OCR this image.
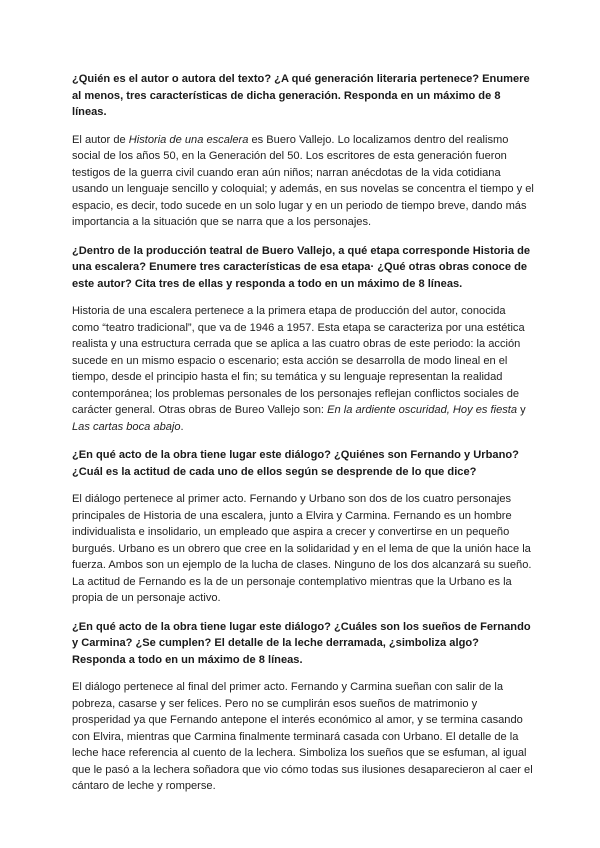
¿Quién es el autor o autora del texto? ¿A qué generación literaria pertenece? Enumere al menos, tres características de dicha generación. Responda en un máximo de 8 líneas.

El autor de Historia de una escalera es Buero Vallejo. Lo localizamos dentro del realismo social de los años 50, en la Generación del 50. Los escritores de esta generación fueron testigos de la guerra civil cuando eran aún niños; narran anécdotas de la vida cotidiana usando un lenguaje sencillo y coloquial; y además, en sus novelas se concentra el tiempo y el espacio, es decir, todo sucede en un solo lugar y en un periodo de tiempo breve, dando más importancia a la situación que se narra que a los personajes.

¿Dentro de la producción teatral de Buero Vallejo, a qué etapa corresponde Historia de una escalera? Enumere tres características de esa etapa· ¿Qué otras obras conoce de este autor? Cita tres de ellas y responda a todo en un máximo de 8 líneas.

Historia de una escalera pertenece a la primera etapa de producción del autor, conocida como “teatro tradicional”, que va de 1946 a 1957. Esta etapa se caracteriza por una estética realista y una estructura cerrada que se aplica a las cuatro obras de este periodo: la acción sucede en un mismo espacio o escenario; esta acción se desarrolla de modo lineal en el tiempo, desde el principio hasta el fin; su temática y su lenguaje representan la realidad contemporánea; los problemas personales de los personajes reflejan conflictos sociales de carácter general. Otras obras de Bureo Vallejo son: En la ardiente oscuridad, Hoy es fiesta y Las cartas boca abajo.

¿En qué acto de la obra tiene lugar este diálogo? ¿Quiénes son Fernando y Urbano? ¿Cuál es la actitud de cada uno de ellos según se desprende de lo que dice?

El diálogo pertenece al primer acto. Fernando y Urbano son dos de los cuatro personajes principales de Historia de una escalera, junto a Elvira y Carmina. Fernando es un hombre individualista e insolidario, un empleado que aspira a crecer y convertirse en un pequeño burgués. Urbano es un obrero que cree en la solidaridad y en el lema de que la unión hace la fuerza. Ambos son un ejemplo de la lucha de clases. Ninguno de los dos alcanzará su sueño. La actitud de Fernando es la de un personaje contemplativo mientras que la Urbano es la propia de un personaje activo.

¿En qué acto de la obra tiene lugar este diálogo? ¿Cuáles son los sueños de Fernando y Carmina? ¿Se cumplen? El detalle de la leche derramada, ¿simboliza algo? Responda a todo en un máximo de 8 líneas.

El diálogo pertenece al final del primer acto. Fernando y Carmina sueñan con salir de la pobreza, casarse y ser felices. Pero no se cumplirán esos sueños de matrimonio y prosperidad ya que Fernando antepone el interés económico al amor, y se termina casando con Elvira, mientras que Carmina finalmente terminará casada con Urbano. El detalle de la leche hace referencia al cuento de la lechera. Simboliza los sueños que se esfuman, al igual que le pasó a la lechera soñadora que vio cómo todas sus ilusiones desaparecieron al caer el cántaro de leche y romperse.
